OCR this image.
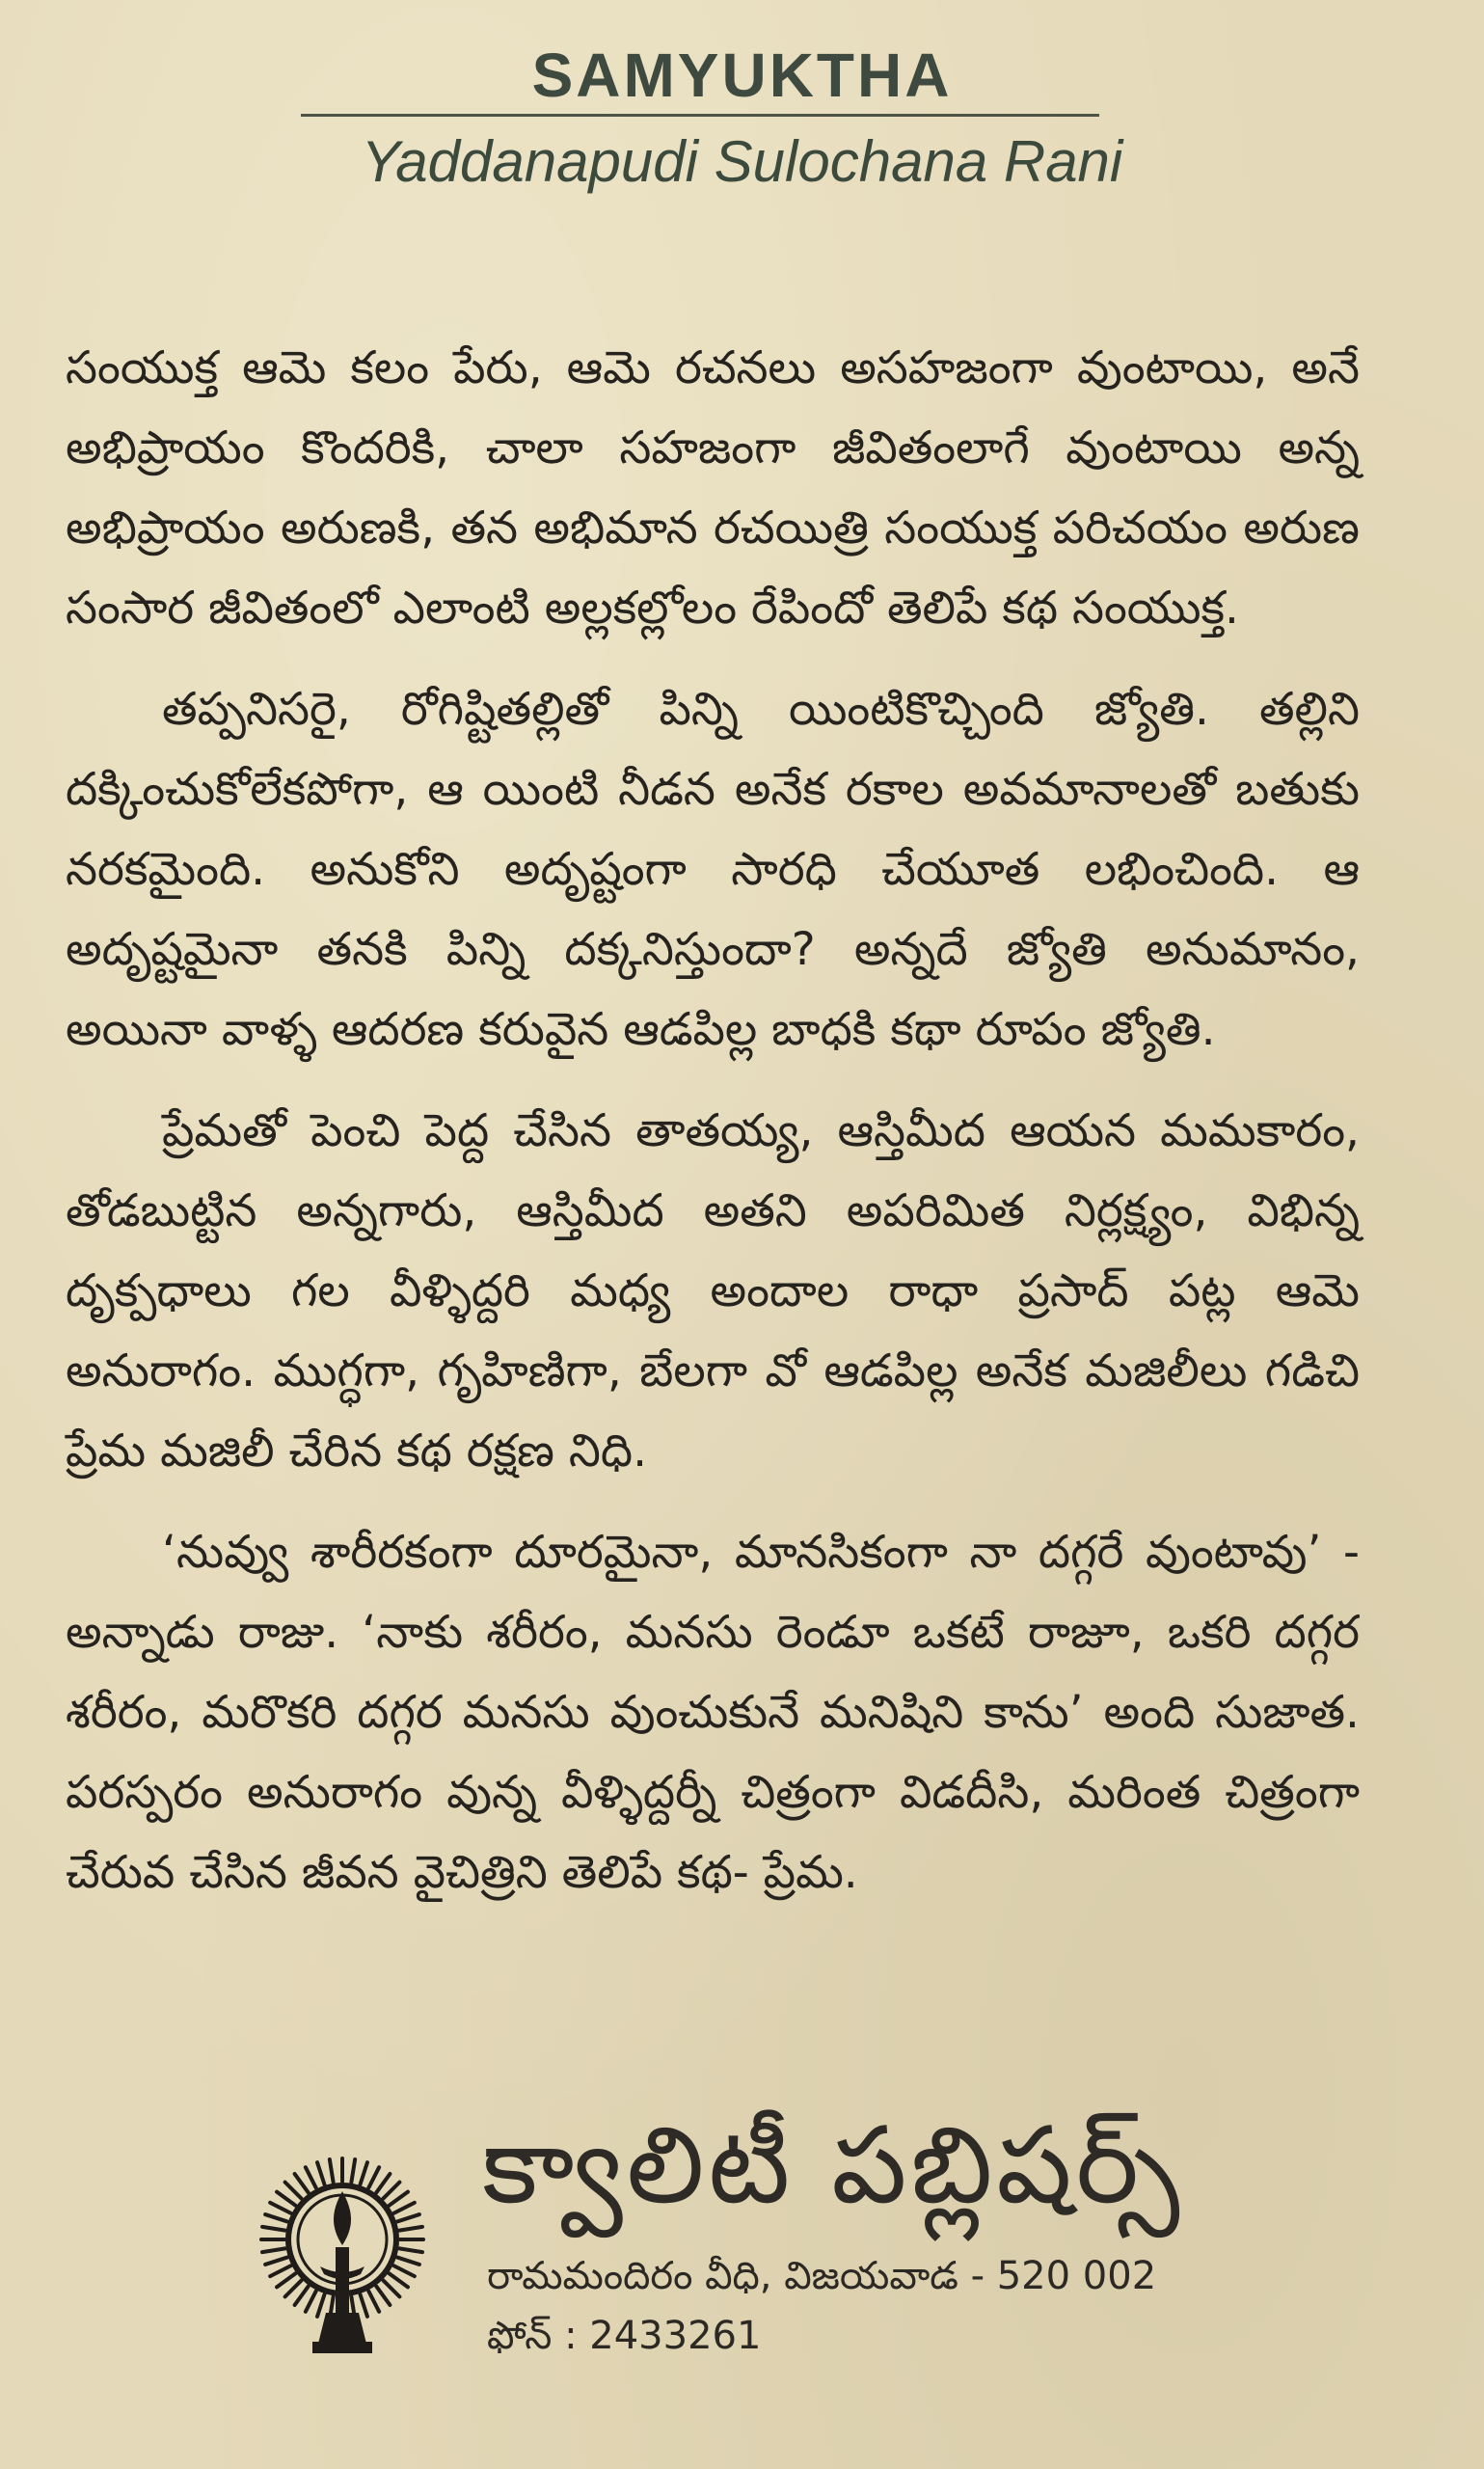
SAMYUKTHA
Yaddanapudi Sulochana Rani

సంయుక్త ఆమె కలం పేరు, ఆమె రచనలు అసహజంగా వుంటాయి, అనే అభిప్రాయం కొందరికి, చాలా సహజంగా జీవితంలాగే వుంటాయి అన్న అభిప్రాయం అరుణకి, తన అభిమాన రచయిత్రి సంయుక్త పరిచయం అరుణ సంసార జీవితంలో ఎలాంటి అల్లకల్లోలం రేపిందో తెలిపే కథ సంయుక్త.

తప్పనిసరై, రోగిష్టితల్లితో పిన్ని యింటికొచ్చింది జ్యోతి. తల్లిని దక్కించుకోలేకపోగా, ఆ యింటి నీడన అనేక రకాల అవమానాలతో బతుకు నరకమైంది. అనుకోని అదృష్టంగా సారధి చేయూత లభించింది. ఆ అదృష్టమైనా తనకి పిన్ని దక్కనిస్తుందా? అన్నదే జ్యోతి అనుమానం, అయినా వాళ్ళ ఆదరణ కరువైన ఆడపిల్ల బాధకి కథా రూపం జ్యోతి.

ప్రేమతో పెంచి పెద్ద చేసిన తాతయ్య, ఆస్తిమీద ఆయన మమకారం, తోడబుట్టిన అన్నగారు, ఆస్తిమీద అతని అపరిమిత నిర్లక్ష్యం, విభిన్న దృక్పధాలు గల వీళ్ళిద్దరి మధ్య అందాల రాధా ప్రసాద్ పట్ల ఆమె అనురాగం. ముగ్ధగా, గృహిణిగా, బేలగా వో ఆడపిల్ల అనేక మజిలీలు గడిచి ప్రేమ మజిలీ చేరిన కథ రక్షణ నిధి.

‘నువ్వు శారీరకంగా దూరమైనా, మానసికంగా నా దగ్గరే వుంటావు’ - అన్నాడు రాజు. ‘నాకు శరీరం, మనసు రెండూ ఒకటే రాజూ, ఒకరి దగ్గర శరీరం, మరొకరి దగ్గర మనసు వుంచుకునే మనిషిని కాను’ అంది సుజాత. పరస్పరం అనురాగం వున్న వీళ్ళిద్దర్నీ చిత్రంగా విడదీసి, మరింత చిత్రంగా చేరువ చేసిన జీవన వైచిత్రిని తెలిపే కథ- ప్రేమ.

క్వాలిటీ పబ్లిషర్స్
రామమందిరం వీధి, విజయవాడ - 520 002
ఫోన్ : 2433261
